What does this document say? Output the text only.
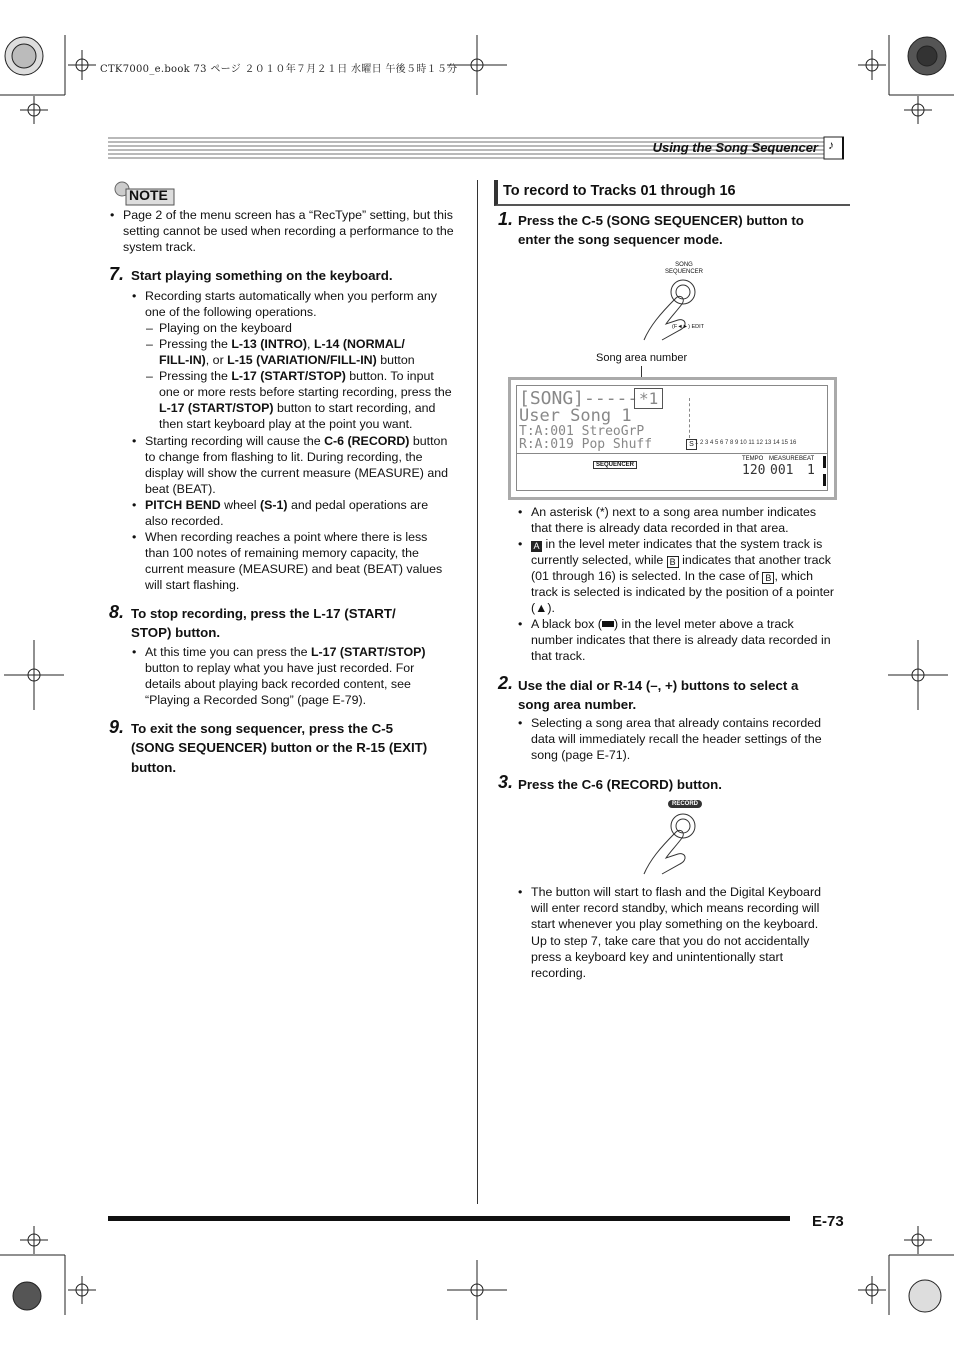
CTK7000_e.book 73 ページ ２０１０年７月２１日 水曜日 午後５時１５分
Using the Song Sequencer ♪
NOTE
• Page 2 of the menu screen has a “RecType” setting, but this setting cannot be used when recording a performance to the system track.
7. Start playing something on the keyboard.
• Recording starts automatically when you perform any
one of the following operations.
– Playing on the keyboard
– Pressing the L-13 (INTRO), L-14 (NORMAL/
FILL-IN), or L-15 (VARIATION/FILL-IN) button
– Pressing the L-17 (START/STOP) button. To input
one or more rests before starting recording, press the
L-17 (START/STOP) button to start recording, and
then start keyboard play at the point you want.
• Starting recording will cause the C-6 (RECORD) button
to change from flashing to lit. During recording, the
display will show the current measure (MEASURE) and
beat (BEAT).
• PITCH BEND wheel (S-1) and pedal operations are
also recorded.
• When recording reaches a point where there is less
than 100 notes of remaining memory capacity, the
current measure (MEASURE) and beat (BEAT) values
will start flashing.
8. To stop recording, press the L-17 (START/
STOP) button.
• At this time you can press the L-17 (START/STOP)
button to replay what you have just recorded. For
details about playing back recorded content, see
“Playing a Recorded Song” (page E-79).
9. To exit the song sequencer, press the C-5
(SONG SEQUENCER) button or the R-15 (EXIT)
button.
To record to Tracks 01 through 16
1. Press the C-5 (SONG SEQUENCER) button to
enter the song sequencer mode.
SONG
SEQUENCER
(F◄►) EDIT
Song area number
[SONG]----- *1
User Song 1
T:A:001 StreoGrP
R:A:019 Pop Shuff	S 1 2 3 4 5 6 7 8 9 10 11 12 13 14 15 16
SEQUENCER
TEMPO MEASURE BEAT
120 001 1
• An asterisk (*) next to a song area number indicates
that there is already data recorded in that area.
• A in the level meter indicates that the system track is
currently selected, while B indicates that another track
(01 through 16) is selected. In the case of B , which
track is selected is indicated by the position of a pointer
(▲).
• A black box ( ) in the level meter above a track
number indicates that there is already data recorded in
that track.
2. Use the dial or R-14 (–, +) buttons to select a
song area number.
• Selecting a song area that already contains recorded
data will immediately recall the header settings of the
song (page E-71).
3. Press the C-6 (RECORD) button.
RECORD
• The button will start to flash and the Digital Keyboard
will enter record standby, which means recording will
start whenever you play something on the keyboard.
Up to step 7, take care that you do not accidentally
press a keyboard key and unintentionally start
recording.
E-73
